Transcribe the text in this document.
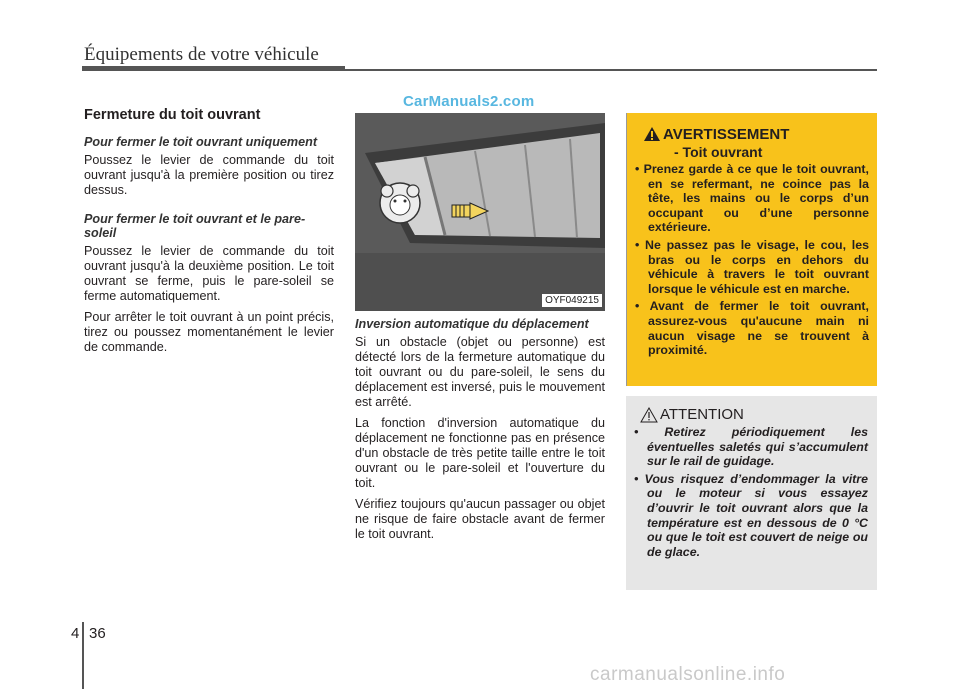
Équipements de votre véhicule
CarManuals2.com
Fermeture du toit ouvrant
Pour fermer le toit ouvrant uniquement

Poussez le levier de commande du toit ouvrant jusqu'à la première position ou tirez dessus.

Pour fermer le toit ouvrant et le pare-soleil

Poussez le levier de commande du toit ouvrant jusqu'à la deuxième position. Le toit ouvrant se ferme, puis le pare-soleil se ferme automatiquement.

Pour arrêter le toit ouvrant à un point précis, tirez ou poussez momentanément le levier de commande.

OYF049215
Inversion automatique du déplacement

Si un obstacle (objet ou personne) est détecté lors de la fermeture automatique du toit ouvrant ou du pare-soleil, le sens du déplacement est inversé, puis le mouvement est arrêté.

La fonction d'inversion automatique du déplacement ne fonctionne pas en présence d'un obstacle de très petite taille entre le toit ouvrant ou le pare-soleil et l'ouverture du toit.

Vérifiez toujours qu'aucun passager ou objet ne risque de faire obstacle avant de fermer le toit ouvrant.

AVERTISSEMENT
- Toit ouvrant
• Prenez garde à ce que le toit ouvrant, en se refermant, ne coince pas la tête, les mains ou le corps d’un occupant ou d’une personne extérieure.
• Ne passez pas le visage, le cou, les bras ou le corps en dehors du véhicule à travers le toit ouvrant lorsque le véhicule est en marche.
• Avant de fermer le toit ouvrant, assurez-vous qu'aucune main ni aucun visage ne se trouvent à proximité.
ATTENTION
• Retirez périodiquement les éventuelles saletés qui s’accumulent sur le rail de guidage.
• Vous risquez d’endommager la vitre ou le moteur si vous essayez d’ouvrir le toit ouvrant alors que la température est en dessous de 0 °C ou que le toit est couvert de neige ou de glace.
4 36
carmanualsonline.info
